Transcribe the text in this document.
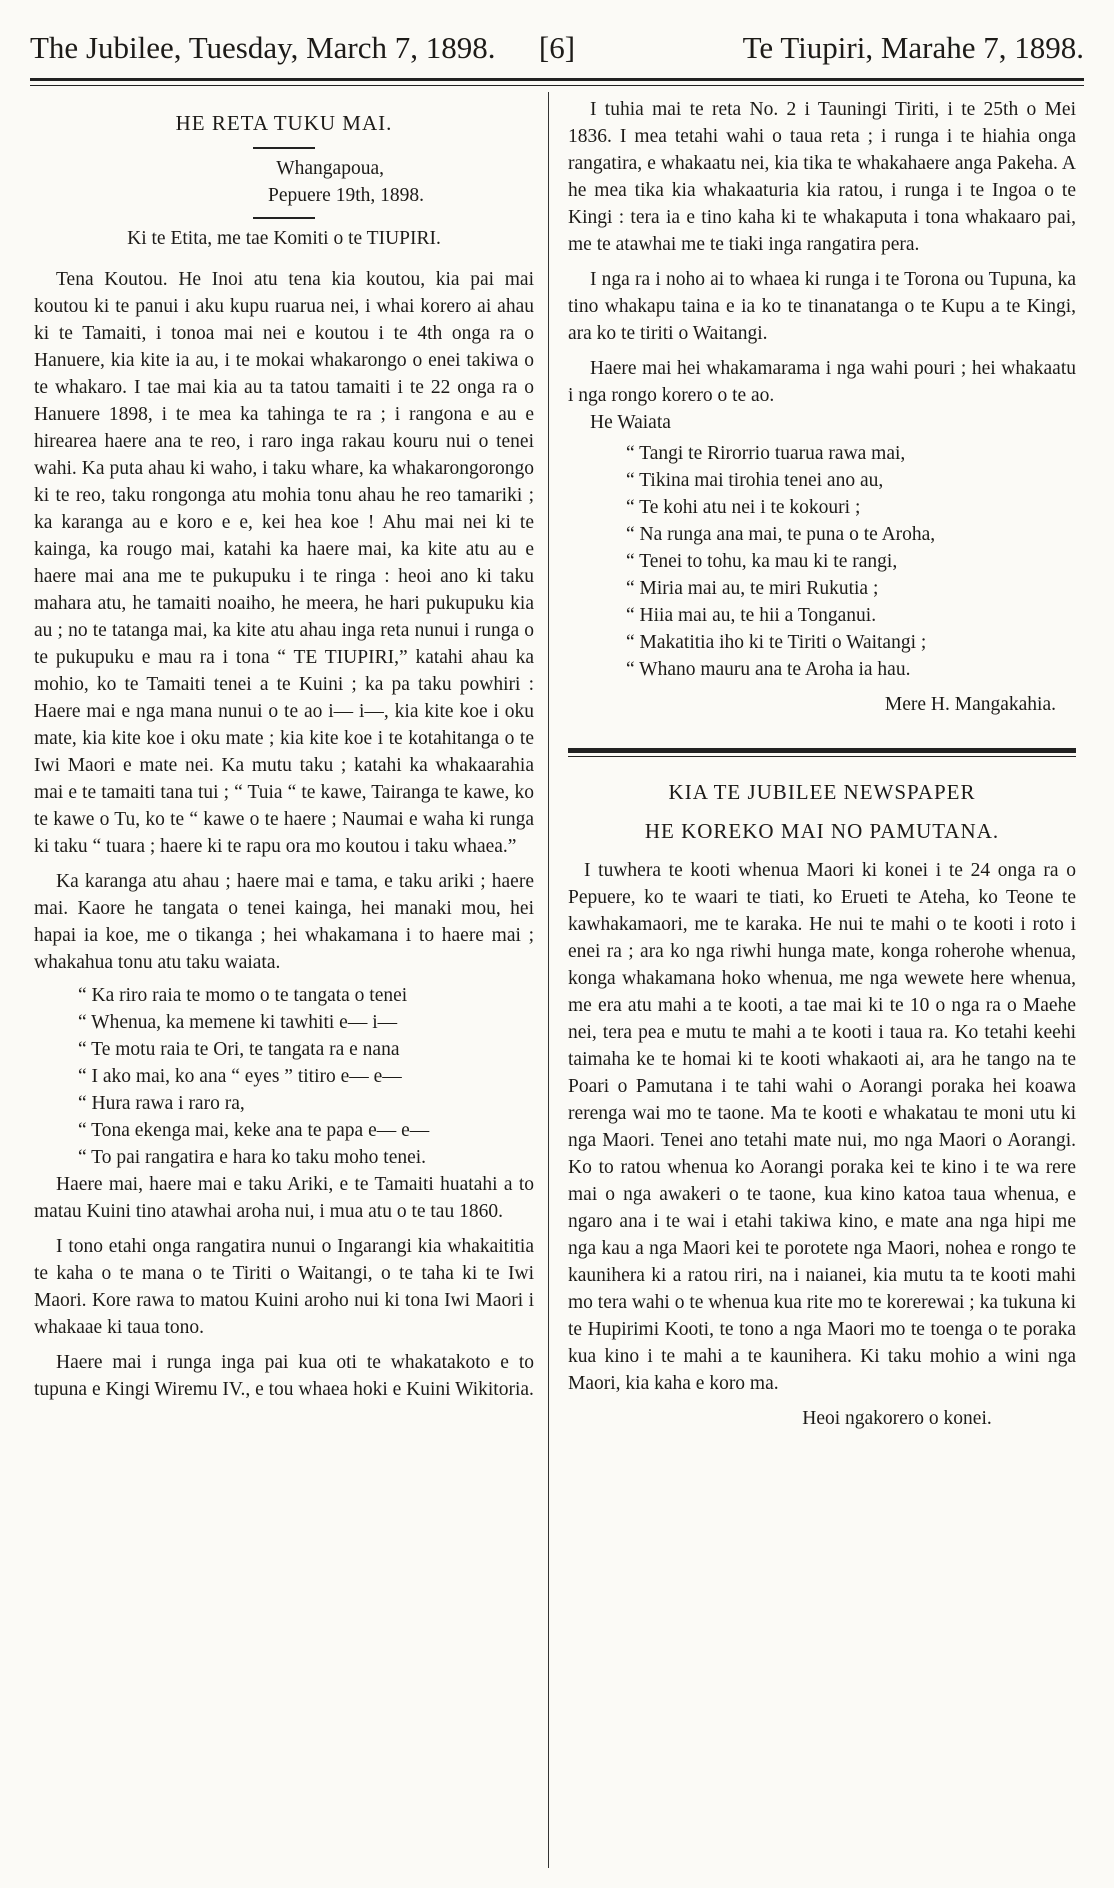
The Jubilee, Tuesday, March 7, 1898.	[6]	Te Tiupiri, Marahe 7, 1898.
HE RETA TUKU MAI.
Whangapoua,
Pepuere 19th, 1898.
Ki te Etita, me tae Komiti o te TIUPIRI.

Tena Koutou. He Inoi atu tena kia koutou, kia pai mai koutou ki te panui i aku kupu ruarua nei, i whai korero ai ahau ki te Tamaiti, i tonoa mai nei e koutou i te 4th onga ra o Hanuere, kia kite ia au, i te mokai whakarongo o enei takiwa o te whakaro. I tae mai kia au ta tatou tamaiti i te 22 onga ra o Hanuere 1898, i te mea ka tahinga te ra ; i rangona e au e hirearea haere ana te reo, i raro inga rakau kouru nui o tenei wahi. Ka puta ahau ki waho, i taku whare, ka whakarongorongo ki te reo, taku rongonga atu mohia tonu ahau he reo tamariki ; ka karanga au e koro e e, kei hea koe ! Ahu mai nei ki te kainga, ka rougo mai, katahi ka haere mai, ka kite atu au e haere mai ana me te pukupuku i te ringa : heoi ano ki taku mahara atu, he tamaiti noaiho, he meera, he hari pukupuku kia au ; no te tatanga mai, ka kite atu ahau inga reta nunui i runga o te pukupuku e mau ra i tona “ TE TIUPIRI,” katahi ahau ka mohio, ko te Tamaiti tenei a te Kuini ; ka pa taku powhiri : Haere mai e nga mana nunui o te ao i— i—, kia kite koe i oku mate, kia kite koe i oku mate ; kia kite koe i te kotahitanga o te Iwi Maori e mate nei. Ka mutu taku ; katahi ka whakaarahia mai e te tamaiti tana tui ; “ Tuia “ te kawe, Tairanga te kawe, ko te kawe o Tu, ko te “ kawe o te haere ; Naumai e waha ki runga ki taku “ tuara ; haere ki te rapu ora mo koutou i taku whaea.”

Ka karanga atu ahau ; haere mai e tama, e taku ariki ; haere mai. Kaore he tangata o tenei kainga, hei manaki mou, hei hapai ia koe, me o tikanga ; hei whakamana i to haere mai ; whakahua tonu atu taku waiata.

“ Ka riro raia te momo o te tangata o tenei
“ Whenua, ka memene ki tawhiti e— i—
“ Te motu raia te Ori, te tangata ra e nana
“ I ako mai, ko ana “ eyes ” titiro e— e—
“ Hura rawa i raro ra,
“ Tona ekenga mai, keke ana te papa e— e—
“ To pai rangatira e hara ko taku moho tenei.

Haere mai, haere mai e taku Ariki, e te Tamaiti huatahi a to matau Kuini tino atawhai aroha nui, i mua atu o te tau 1860.

I tono etahi onga rangatira nunui o Ingarangi kia whakaititia te kaha o te mana o te Tiriti o Waitangi, o te taha ki te Iwi Maori. Kore rawa to matou Kuini aroho nui ki tona Iwi Maori i whakaae ki taua tono.

Haere mai i runga inga pai kua oti te whakatakoto e to tupuna e Kingi Wiremu IV., e tou whaea hoki e Kuini Wikitoria.

I tuhia mai te reta No. 2 i Tauningi Tiriti, i te 25th o Mei 1836. I mea tetahi wahi o taua reta ; i runga i te hiahia onga rangatira, e whakaatu nei, kia tika te whakahaere anga Pakeha. A he mea tika kia whakaaturia kia ratou, i runga i te Ingoa o te Kingi : tera ia e tino kaha ki te whakaputa i tona whakaaro pai, me te atawhai me te tiaki inga rangatira pera.

I nga ra i noho ai to whaea ki runga i te Torona ou Tupuna, ka tino whakapu taina e ia ko te tinanatanga o te Kupu a te Kingi, ara ko te tiriti o Waitangi.

Haere mai hei whakamarama i nga wahi pouri ; hei whakaatu i nga rongo korero o te ao.

He Waiata
“ Tangi te Rirorrio tuarua rawa mai,
“ Tikina mai tirohia tenei ano au,
“ Te kohi atu nei i te kokouri ;
“ Na runga ana mai, te puna o te Aroha,
“ Tenei to tohu, ka mau ki te rangi,
“ Miria mai au, te miri Rukutia ;
“ Hiia mai au, te hii a Tonganui.
“ Makatitia iho ki te Tiriti o Waitangi ;
“ Whano mauru ana te Aroha ia hau.
Mere H. Mangakahia.
KIA TE JUBILEE NEWSPAPER
HE KOREKO MAI NO PAMUTANA.

I tuwhera te kooti whenua Maori ki konei i te 24 onga ra o Pepuere, ko te waari te tiati, ko Erueti te Ateha, ko Teone te kawhakamaori, me te karaka. He nui te mahi o te kooti i roto i enei ra ; ara ko nga riwhi hunga mate, konga roherohe whenua, konga whakamana hoko whenua, me nga wewete here whenua, me era atu mahi a te kooti, a tae mai ki te 10 o nga ra o Maehe nei, tera pea e mutu te mahi a te kooti i taua ra. Ko tetahi keehi taimaha ke te homai ki te kooti whakaoti ai, ara he tango na te Poari o Pamutana i te tahi wahi o Aorangi poraka hei koawa rerenga wai mo te taone. Ma te kooti e whakatau te moni utu ki nga Maori. Tenei ano tetahi mate nui, mo nga Maori o Aorangi. Ko to ratou whenua ko Aorangi poraka kei te kino i te wa rere mai o nga awakeri o te taone, kua kino katoa taua whenua, e ngaro ana i te wai i etahi takiwa kino, e mate ana nga hipi me nga kau a nga Maori kei te porotete nga Maori, nohea e rongo te kauniherа ki a ratou riri, na i naianei, kia mutu ta te kooti mahi mo tera wahi o te whenua kua rite mo te korerewai ; ka tukuna ki te Hupirimi Kooti, te tono a nga Maori mo te toenga o te poraka kua kino i te mahi a te kaunihera. Ki taku mohio a wini nga Maori, kia kaha e koro ma.

Heoi ngakorero o konei.
